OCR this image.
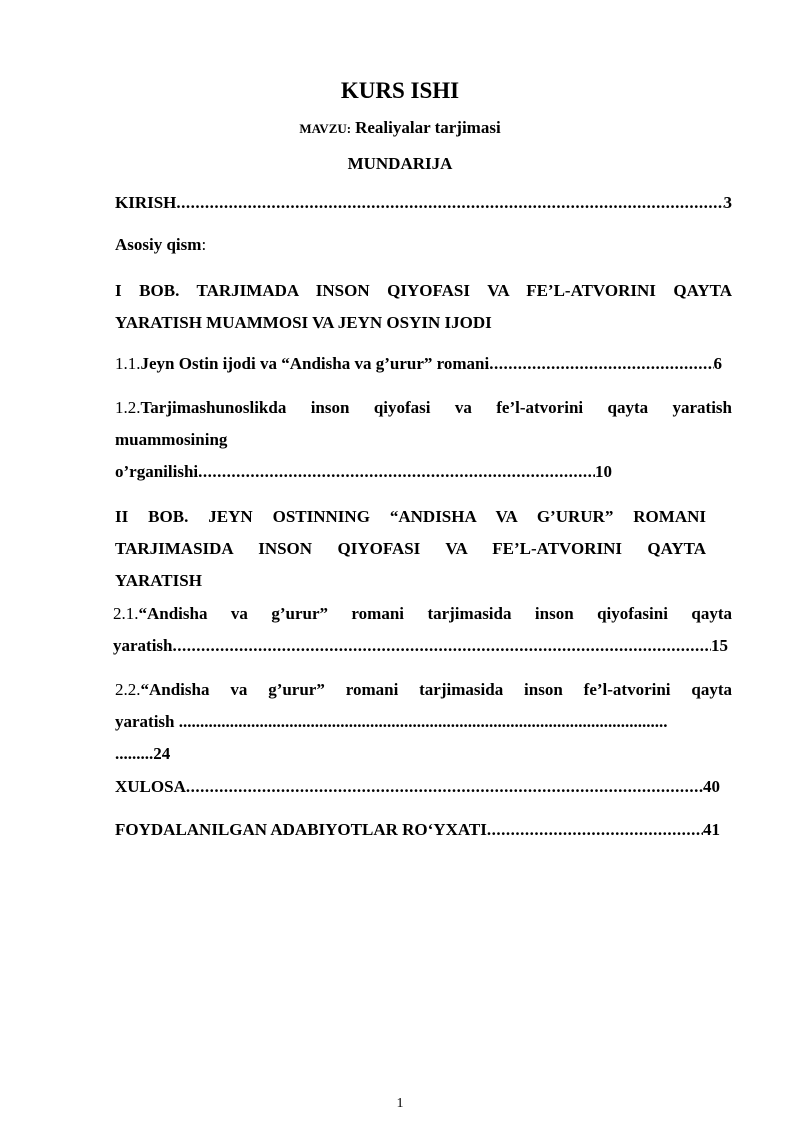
KURS ISHI
MAVZU: Realiyalar tarjimasi
MUNDARIJA
KIRISH .....	3
Asosiy qism:
I BOB. TARJIMADA INSON QIYOFASI VA FE’L-ATVORINI QAYTA
YARATISH MUAMMOSI VA JEYN OSYIN IJODI
1.1. Jeyn Ostin ijodi va “Andisha va g’urur” romani .....	6
1.2.Tarjimashunoslikda inson qiyofasi va fe’l-atvorini qayta yaratish
muammosining
o’rganilishi .....	10
II BOB. JEYN OSTINNING “ANDISHA VA G’URUR” ROMANI
TARJIMASIDA INSON QIYOFASI VA FE’L-ATVORINI QAYTA
YARATISH
2.1.“Andisha va g’urur” romani tarjimasida inson qiyofasini qayta
yaratish .....	15
2.2.“Andisha va g’urur” romani tarjimasida inson fe’l-atvorini qayta
yaratish ...................................................................................................................
.........24
XULOSA .....	40
FOYDALANILGAN ADABIYOTLAR RO‘YXATI .....	41
1
